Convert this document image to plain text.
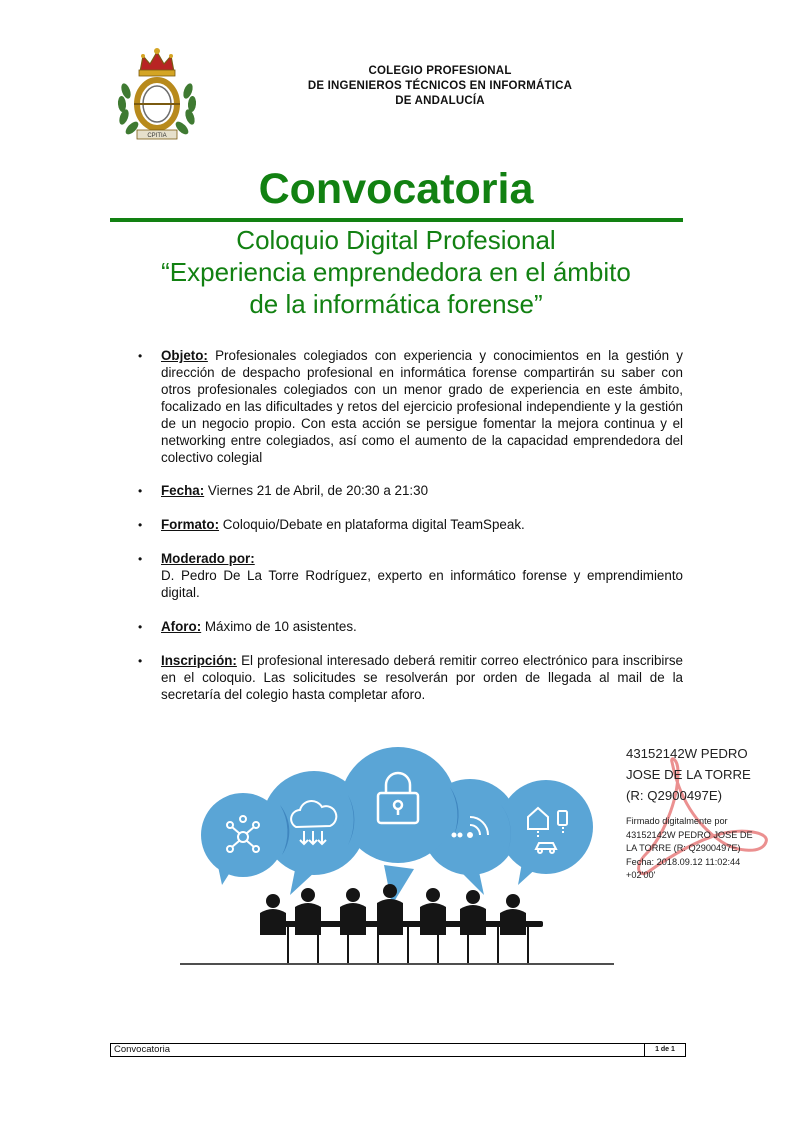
CPITIA
COLEGIO PROFESIONAL
DE INGENIEROS TÉCNICOS EN INFORMÁTICA
DE ANDALUCÍA
Convocatoria
Coloquio Digital Profesional
“Experiencia emprendedora en el ámbito
de la informática forense”
• Objeto: Profesionales colegiados con experiencia y conocimientos en la gestión y dirección de despacho profesional en informática forense compartirán su saber con otros profesionales colegiados con un menor grado de experiencia en este ámbito, focalizado en las dificultades y retos del ejercicio profesional independiente y la gestión de un negocio propio. Con esta acción se persigue fomentar la mejora continua y el networking entre colegiados, así como el aumento de la capacidad emprendedora del colectivo colegial
• Fecha: Viernes 21 de Abril, de 20:30 a 21:30
• Formato: Coloquio/Debate en plataforma digital TeamSpeak.
• Moderado por:
D. Pedro De La Torre Rodríguez, experto en informático forense y emprendimiento digital.
• Aforo: Máximo de 10 asistentes.
• Inscripción: El profesional interesado deberá remitir correo electrónico para inscribirse en el coloquio. Las solicitudes se resolverán por orden de llegada al mail de la secretaría del colegio hasta completar aforo.
43152142W PEDRO
JOSE DE LA TORRE
(R: Q2900497E)
Firmado digitalmente por
43152142W PEDRO JOSE DE
LA TORRE (R: Q2900497E)
Fecha: 2018.09.12 11:02:44
+02'00'
Convocatoria	1 de 1
